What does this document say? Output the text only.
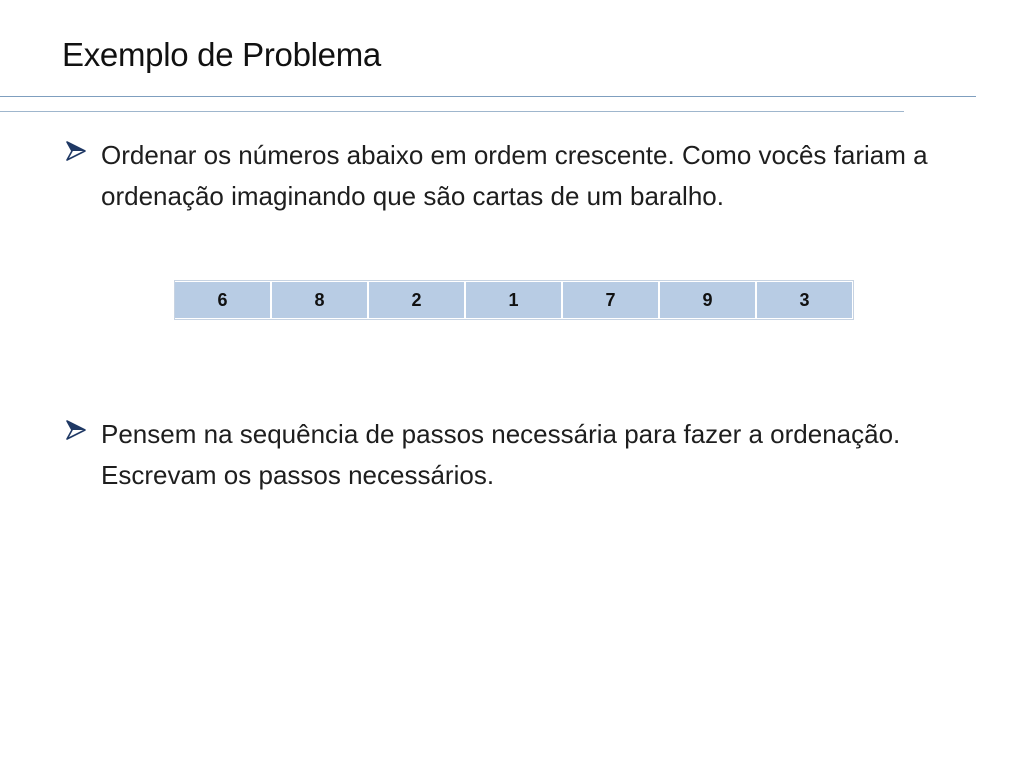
Exemplo de Problema
Ordenar os números abaixo em ordem crescente. Como vocês fariam a ordenação imaginando que são cartas de um baralho.
6	8	2	1	7	9	3
Pensem na sequência de passos necessária para fazer a ordenação. Escrevam os passos necessários.
